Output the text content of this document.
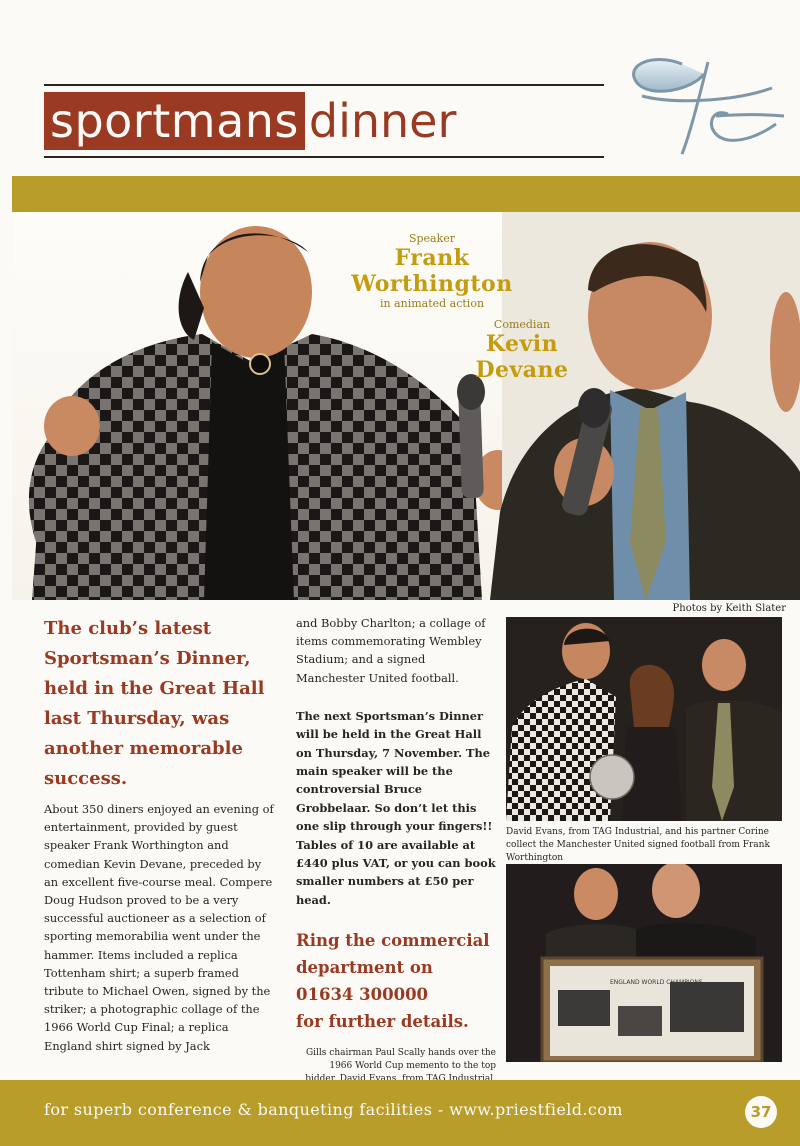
sportmans dinner
Speaker
Frank
Worthington
in animated action
Comedian
Kevin
Devane
Photos by Keith Slater
The club’s latest Sportsman’s Dinner, held in the Great Hall last Thursday, was another memorable success.
About 350 diners enjoyed an evening of entertainment, provided by guest speaker Frank Worthington and comedian Kevin Devane, preceded by an excellent five-course meal. Compere Doug Hudson proved to be a very successful auctioneer as a selection of sporting memorabilia went under the hammer. Items included a replica Tottenham shirt; a superb framed tribute to Michael Owen, signed by the striker; a photographic collage of the 1966 World Cup Final; a replica England shirt signed by Jack
and Bobby Charlton; a collage of items commemorating Wembley Stadium; and a signed Manchester United football.
The next Sportsman’s Dinner will be held in the Great Hall on Thursday, 7 November. The main speaker will be the controversial Bruce Grobbelaar. So don’t let this one slip through your fingers!! Tables of 10 are available at £440 plus VAT, or you can book smaller numbers at £50 per head.
Ring the commercial
department on
01634 300000
for further details.
Gills chairman Paul Scally hands over the 1966 World Cup memento to the top
David Evans, from TAG Industrial, and his partner Corine collect the Manchester United signed football from Frank Worthington
ENGLAND WORLD CHAMPIONS
for superb conference & banqueting facilities - www.priestfield.com	37
